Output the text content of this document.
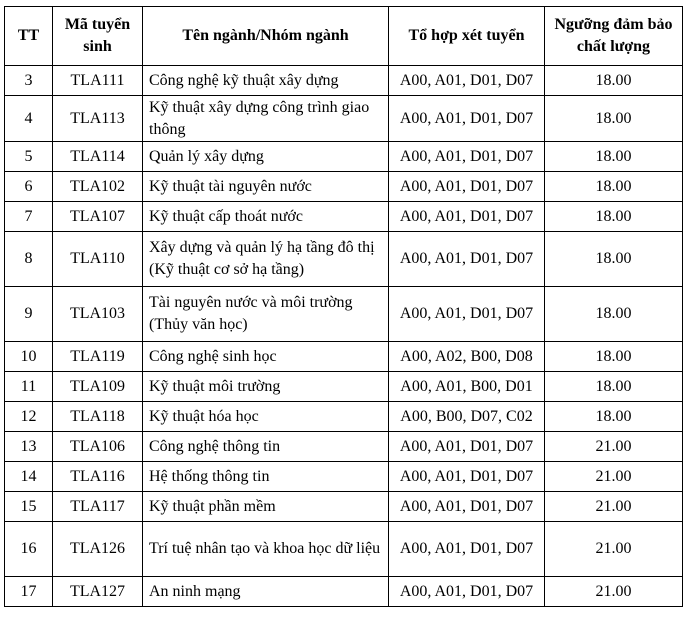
TT	Mã tuyển sinh	Tên ngành/Nhóm ngành	Tổ hợp xét tuyển	Ngưỡng đảm bảo chất lượng
3	TLA111	Công nghệ kỹ thuật xây dựng	A00, A01, D01, D07	18.00
4	TLA113	Kỹ thuật xây dựng công trình giao thông	A00, A01, D01, D07	18.00
5	TLA114	Quản lý xây dựng	A00, A01, D01, D07	18.00
6	TLA102	Kỹ thuật tài nguyên nước	A00, A01, D01, D07	18.00
7	TLA107	Kỹ thuật cấp thoát nước	A00, A01, D01, D07	18.00
8	TLA110	Xây dựng và quản lý hạ tầng đô thị (Kỹ thuật cơ sở hạ tầng)	A00, A01, D01, D07	18.00
9	TLA103	Tài nguyên nước và môi trường (Thủy văn học)	A00, A01, D01, D07	18.00
10	TLA119	Công nghệ sinh học	A00, A02, B00, D08	18.00
11	TLA109	Kỹ thuật môi trường	A00, A01, B00, D01	18.00
12	TLA118	Kỹ thuật hóa học	A00, B00, D07, C02	18.00
13	TLA106	Công nghệ thông tin	A00, A01, D01, D07	21.00
14	TLA116	Hệ thống thông tin	A00, A01, D01, D07	21.00
15	TLA117	Kỹ thuật phần mềm	A00, A01, D01, D07	21.00
16	TLA126	Trí tuệ nhân tạo và khoa học dữ liệu	A00, A01, D01, D07	21.00
17	TLA127	An ninh mạng	A00, A01, D01, D07	21.00
